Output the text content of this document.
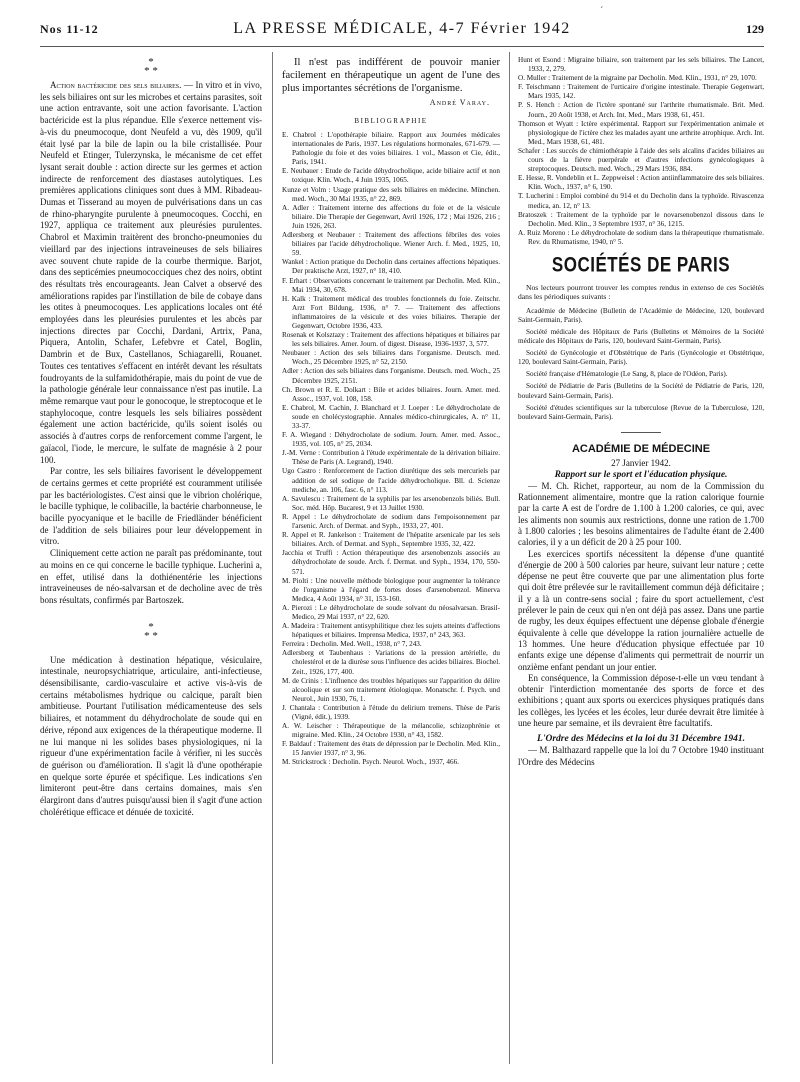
Nos 11-12	LA PRESSE MÉDICALE, 4-7 Février 1942	129
ˊ
*
* *

Action bactéricide des sels biliaires. — In vitro et in vivo, les sels biliaires ont sur les microbes et certains parasites, soit une action entravante, soit une action favorisante. L'action bactéricide est la plus répandue. Elle s'exerce nettement vis-à-vis du pneumocoque, dont Neufeld a vu, dès 1909, qu'il était lysé par la bile de lapin ou la bile cristallisée. Pour Neufeld et Etinger, Tulerzynska, le mécanisme de cet effet lysant serait double : action directe sur les germes et action indirecte de renforcement des diastases autolytiques. Les premières applications cliniques sont dues à MM. Ribadeau-Dumas et Tisserand au moyen de pulvérisations dans un cas de rhino-pharyngite purulente à pneumocoques. Cocchi, en 1927, appliqua ce traitement aux pleurésies purulentes. Chabrol et Maximin traitèrent des broncho-pneumonies du vieillard par des injections intraveineuses de sels biliaires avec souvent chute rapide de la courbe thermique. Barjot, dans des septicémies pneumococciques chez des noirs, obtint des résultats très encourageants. Jean Calvet a observé des améliorations rapides par l'instillation de bile de cobaye dans les otites à pneumocoques. Les applications locales ont été employées dans les pleurésies purulentes et les abcès par injections directes par Cocchi, Dardani, Artrix, Pana, Piquera, Antolin, Schafer, Lefebvre et Catel, Boglin, Dambrin et de Bux, Castellanos, Schiagarelli, Rouanet. Toutes ces tentatives s'effacent en intérêt devant les résultats foudroyants de la sulfamidothérapie, mais du point de vue de la pathologie générale leur connaissance n'est pas inutile. La même remarque vaut pour le gonocoque, le streptocoque et le staphylocoque, contre lesquels les sels biliaires possèdent également une action bactéricide, qu'ils soient isolés ou associés à d'autres corps de renforcement comme l'argent, le gaïacol, l'iode, le mercure, le sulfate de magnésie à 2 pour 100.

Par contre, les sels biliaires favorisent le développement de certains germes et cette propriété est couramment utilisée par les bactériologistes. C'est ainsi que le vibrion cholérique, le bacille typhique, le colibacille, la bactérie charbonneuse, le bacille pyocyanique et le bacille de Friedländer bénéficient de l'addition de sels biliaires pour leur développement in vitro.

Cliniquement cette action ne paraît pas prédominante, tout au moins en ce qui concerne le bacille typhique. Lucherini a, en effet, utilisé dans la dothiénentérie les injections intraveineuses de néo-salvarsan et de decholine avec de très bons résultats, confirmés par Bartoszek.

*
* *

Une médication à destination hépatique, vésiculaire, intestinale, neuropsychiatrique, articulaire, anti-infectieuse, désensibilisante, cardio-vasculaire et active vis-à-vis de certains métabolismes hydrique ou calcique, paraît bien ambitieuse. Pourtant l'utilisation médicamenteuse des sels biliaires, et notamment du déhydrocholate de soude qui en dérive, répond aux exigences de la thérapeutique moderne. Il ne lui manque ni les solides bases physiologiques, ni la rigueur d'une expérimentation facile à vérifier, ni les succès de guérison ou d'amélioration. Il s'agit là d'une opothérapie en quelque sorte épurée et spécifique. Les indications s'en limiteront peut-être dans certains domaines, mais s'en élargiront dans d'autres puisqu'aussi bien il s'agit d'une action cholérétique efficace et dénuée de toxicité.

Il n'est pas indifférent de pouvoir manier facilement en thérapeutique un agent de l'une des plus importantes sécrétions de l'organisme.

André Varay.
BIBLIOGRAPHIE

E. Chabrol : L'opothérapie biliaire. Rapport aux Journées médicales internationales de Paris, 1937. Les régulations hormonales, 671-679. — Pathologie du foie et des voies biliaires. 1 vol., Masson et Cie, édit., Paris, 1941.

E. Neubauer : Etude de l'acide déhydrocholique, acide biliaire actif et non toxique. Klin. Woch., 4 Juin 1935, 1065.

Kunze et Volm : Usage pratique des sels biliaires en médecine. München. med. Woch., 30 Mai 1935, n° 22, 869.

A. Adler : Traitement interne des affections du foie et de la vésicule biliaire. Die Therapie der Gegenwart, Avril 1926, 172 ; Mai 1926, 216 ; Juin 1926, 263.

Adlersberg et Neubauer : Traitement des affections fébriles des voies biliaires par l'acide déhydrocholique. Wiener Arch. f. Med., 1925, 10, 59.

Wankel : Action pratique du Decholin dans certaines affections hépatiques. Der praktische Arzt, 1927, n° 18, 410.

F. Erhart : Observations concernant le traitement par Decholin. Med. Klin., Mai 1934, 30, 678.

H. Kalk : Traitement médical des troubles fonctionnels du foie. Zeitschr. Arzt Fort Bildung, 1936, n° 7. — Traitement des affections inflammatoires de la vésicule et des voies biliaires. Therapie der Gegenwart, Octobre 1936, 433.

Rosenak et Kolsztazy : Traitement des affections hépatiques et biliaires par les sels biliaires. Amer. Journ. of digest. Disease, 1936-1937, 3, 577.

Neubauer : Action des sels biliaires dans l'organisme. Deutsch. med. Woch., 25 Décembre 1925, n° 52, 2150.

Adler : Action des sels biliaires dans l'organisme. Deutsch. med. Woch., 25 Décembre 1925, 2151.

Ch. Brown et R. E. Dolkart : Bile et acides biliaires. Journ. Amer. med. Assoc., 1937, vol. 108, 158.

E. Chabrol, M. Cachin, J. Blanchard et J. Loeper : Le déhydrocholate de soude en cholécystographie. Annales médico-chirurgicales, A. n° 11, 33-37.

F. A. Wiegand : Déhydrocholate de sodium. Journ. Amer. med. Assoc., 1935, vol. 105, n° 25, 2034.

J.-M. Verne : Contribution à l'étude expérimentale de la dérivation biliaire. Thèse de Paris (A. Legrand), 1940.

Ugo Castro : Renforcement de l'action diurétique des sels mercuriels par addition de sel sodique de l'acide déhydrocholique. Bll. d. Scienze mediche, an. 106, fasc. 6, n° 113.

A. Savulescu : Traitement de la syphilis par les arsenobenzols biliés. Bull. Soc. méd. Hôp. Bucarest, 9 et 13 Juillet 1930.

R. Appel : Le déhydrocholate de sodium dans l'empoisonnement par l'arsenic. Arch. of Dermat. and Syph., 1933, 27, 401.

R. Appel et R. Jankelson : Traitement de l'hépatite arsenicale par les sels biliaires. Arch. of Dermat. and Syph., Septembre 1935, 32, 422.

Jacchia et Truffi : Action thérapeutique des arsenobenzols associés au déhydrocholate de soude. Arch. f. Dermat. und Syph., 1934, 170, 550-571.

M. Piolti : Une nouvelle méthode biologique pour augmenter la tolérance de l'organisme à l'égard de fortes doses d'arsenobenzol. Minerva Medica, 4 Août 1934, n° 31, 153-160.

A. Pierozi : Le déhydrocholate de soude solvant du néosalvarsan. Brasil-Medico, 29 Mai 1937, n° 22, 620.

A. Madeira : Traitement antisyphilitique chez les sujets atteints d'affections hépatiques et biliaires. Imprensa Medica, 1937, n° 243, 363.

Ferreira : Decholin. Med. Well., 1938, n° 7, 243.

Adlersberg et Taubenhaus : Variations de la pression artérielle, du cholestérol et de la diurèse sous l'influence des acides biliaires. Biochel. Zeit., 1926, 177, 400.

M. de Crinis : L'influence des troubles hépatiques sur l'apparition du délire alcoolique et sur son traitement étiologique. Monatschr. f. Psych. und Neurol., Juin 1930, 76, 1.

J. Chantala : Contribution à l'étude du delirium tremens. Thèse de Paris (Vigné, édit.), 1939.

A. W. Leischer : Thérapeutique de la mélancolie, schizophrénie et migraine. Med. Klin., 24 Octobre 1930, n° 43, 1582.

F. Baldauf : Traitement des états de dépression par le Decholin. Med. Klin., 15 Janvier 1937, n° 3, 96.

M. Strickstrock : Decholin. Psych. Neurol. Woch., 1937, 466.

Hunt et Esond : Migraine biliaire, son traitement par les sels biliaires. The Lancet, 1933, 2, 279.

O. Muller : Traitement de la migraine par Decholin. Med. Klin., 1931, n° 29, 1070.

F. Teischmann : Traitement de l'urticaire d'origine intestinale. Therapie Gegenwart, Mars 1935, 142.

P. S. Hench : Action de l'ictère spontané sur l'arthrite rhumatismale. Brit. Med. Journ., 20 Août 1938, et Arch. Int. Med., Mars 1938, 61, 451.

Thomson et Wyatt : Ictère expérimental. Rapport sur l'expérimentation animale et physiologique de l'ictère chez les malades ayant une arthrite atrophique. Arch. Int. Med., Mars 1938, 61, 481.

Schafer : Les succès de chimiothérapie à l'aide des sels alcalins d'acides biliaires au cours de la fièvre puerpérale et d'autres infections gynécologiques à streptocoques. Deutsch. med. Woch., 29 Mars 1936, 884.

E. Hesse, R. Vondeblin et L. Zeppweisel : Action antiinflammatoire des sels biliaires. Klin. Woch., 1937, n° 6, 190.

T. Lucherini : Emploi combiné du 914 et du Decholin dans la typhoïde. Rivascenza medica, an. 12, n° 13.

Bratoszek : Traitement de la typhoïde par le novarsenobenzol dissous dans le Decholin. Med. Klin., 3 Septembre 1937, n° 36, 1215.

A. Ruiz Moreno : Le déhydrocholate de sodium dans la thérapeutique rhumatismale. Rev. du Rhumatisme, 1940, n° 5.

SOCIÉTÉS DE PARIS

Nos lecteurs pourront trouver les comptes rendus in extenso de ces Sociétés dans les périodiques suivants :

Académie de Médecine (Bulletin de l'Académie de Médecine, 120, boulevard Saint-Germain, Paris).

Société médicale des Hôpitaux de Paris (Bulletins et Mémoires de la Société médicale des Hôpitaux de Paris, 120, boulevard Saint-Germain, Paris).

Société de Gynécologie et d'Obstétrique de Paris (Gynécologie et Obstétrique, 120, boulevard Saint-Germain, Paris).

Société française d'Hématologie (Le Sang, 8, place de l'Odéon, Paris).

Société de Pédiatrie de Paris (Bulletins de la Société de Pédiatrie de Paris, 120, boulevard Saint-Germain, Paris).

Société d'études scientifiques sur la tuberculose (Revue de la Tuberculose, 120, boulevard Saint-Germain, Paris).

ACADÉMIE DE MÉDECINE
27 Janvier 1942.
Rapport sur le sport et l'éducation physique.

— M. Ch. Richet, rapporteur, au nom de la Commission du Rationnement alimentaire, montre que la ration calorique fournie par la carte A est de l'ordre de 1.100 à 1.200 calories, ce qui, avec les aliments non soumis aux restrictions, donne une ration de 1.700 à 1.800 calories ; les besoins alimentaires de l'adulte étant de 2.400 calories, il y a un déficit de 20 à 25 pour 100.

Les exercices sportifs nécessitent la dépense d'une quantité d'énergie de 200 à 500 calories par heure, suivant leur nature ; cette dépense ne peut être couverte que par une alimentation plus forte qui doit être prélevée sur le ravitaillement commun déjà déficitaire ; il y a là un contre-sens social ; faire du sport actuellement, c'est prélever le pain de ceux qui n'en ont déjà pas assez. Dans une partie de rugby, les deux équipes effectuent une dépense globale d'énergie équivalente à celle que développe la ration journalière actuelle de 13 hommes. Une heure d'éducation physique effectuée par 10 enfants exige une dépense d'aliments qui permettrait de nourrir un onzième enfant pendant un jour entier.

En conséquence, la Commission dépose-t-elle un vœu tendant à obtenir l'interdiction momentanée des sports de force et des exhibitions ; quant aux sports ou exercices physiques pratiqués dans les collèges, les lycées et les écoles, leur durée devrait être limitée à une heure par semaine, et ils devraient être facultatifs.

L'Ordre des Médecins et la loi du 31 Décembre 1941.

— M. Balthazard rappelle que la loi du 7 Octobre 1940 instituant l'Ordre des Médecins
